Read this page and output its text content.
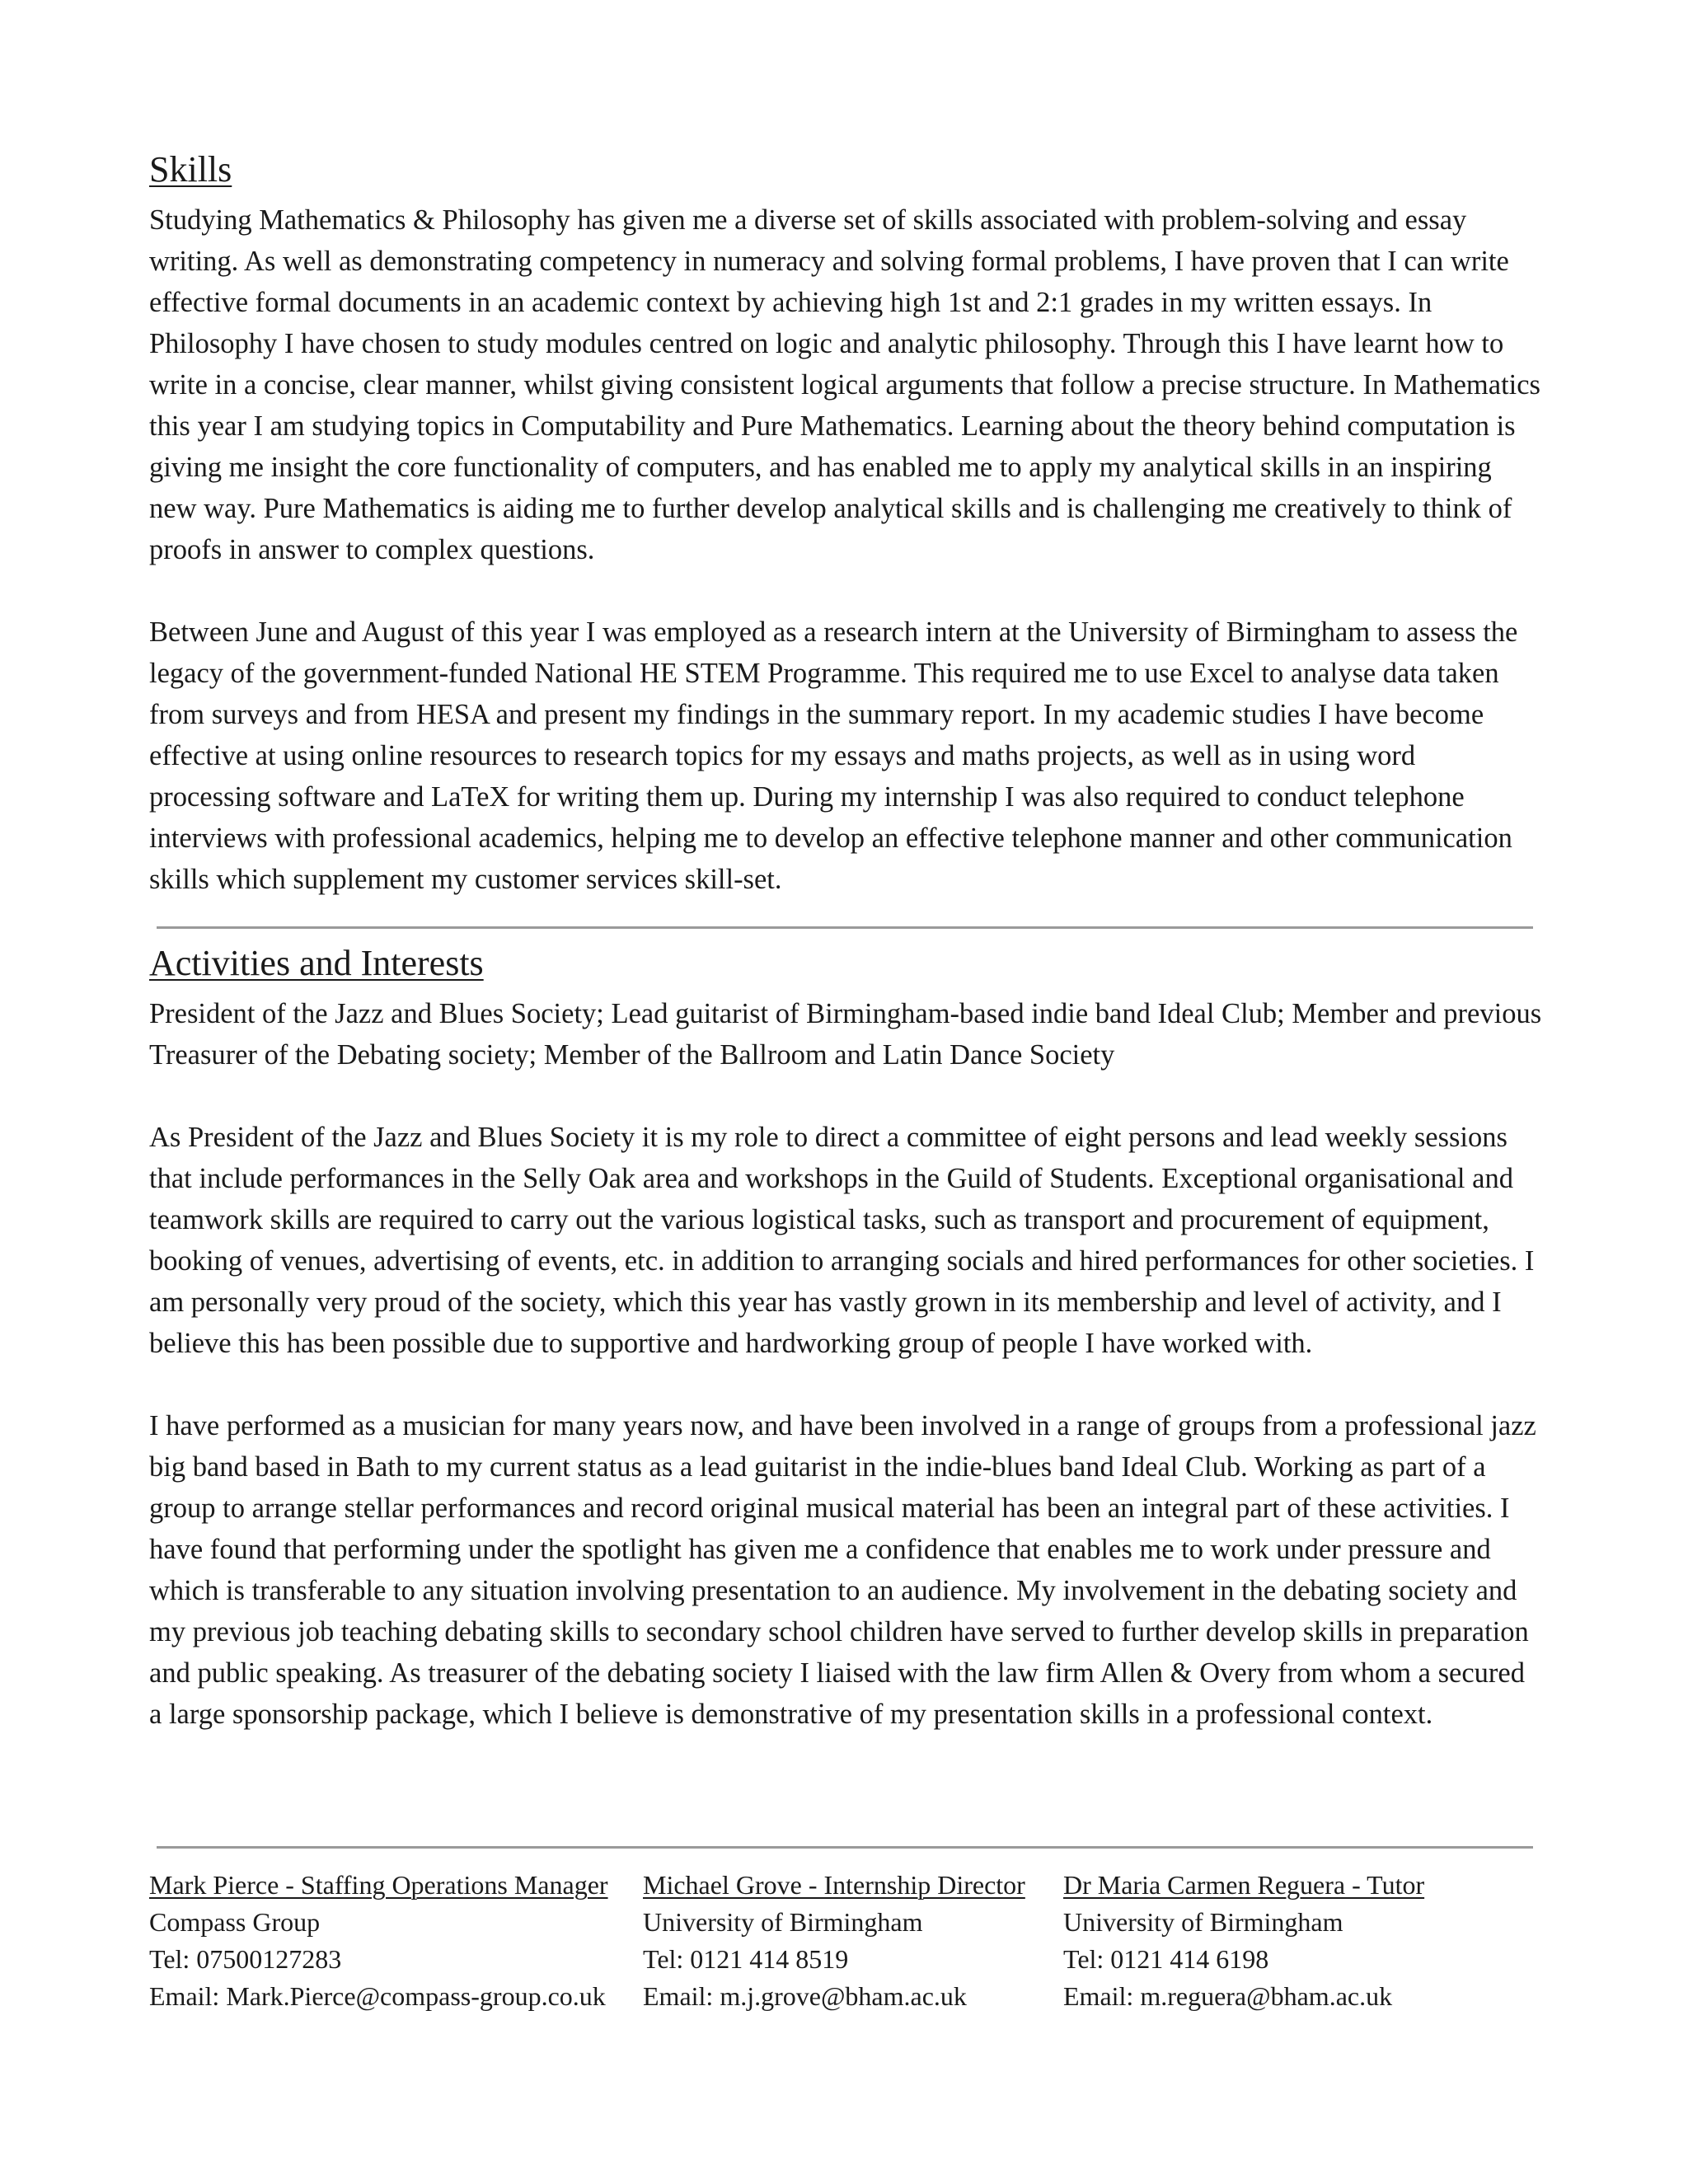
Skills

Studying Mathematics & Philosophy has given me a diverse set of skills associated with problem-solving and essay writing. As well as demonstrating competency in numeracy and solving formal problems, I have proven that I can write effective formal documents in an academic context by achieving high 1st and 2:1 grades in my written essays. In Philosophy I have chosen to study modules centred on logic and analytic philosophy. Through this I have learnt how to write in a concise, clear manner, whilst giving consistent logical arguments that follow a precise structure. In Mathematics this year I am studying topics in Computability and Pure Mathematics. Learning about the theory behind computation is giving me insight the core functionality of computers, and has enabled me to apply my analytical skills in an inspiring new way. Pure Mathematics is aiding me to further develop analytical skills and is challenging me creatively to think of proofs in answer to complex questions.

Between June and August of this year I was employed as a research intern at the University of Birmingham to assess the legacy of the government-funded National HE STEM Programme. This required me to use Excel to analyse data taken from surveys and from HESA and present my findings in the summary report. In my academic studies I have become effective at using online resources to research topics for my essays and maths projects, as well as in using word processing software and LaTeX for writing them up. During my internship I was also required to conduct telephone interviews with professional academics, helping me to develop an effective telephone manner and other communication skills which supplement my customer services skill-set.

Activities and Interests

President of the Jazz and Blues Society; Lead guitarist of Birmingham-based indie band Ideal Club; Member and previous Treasurer of the Debating society; Member of the Ballroom and Latin Dance Society

As President of the Jazz and Blues Society it is my role to direct a committee of eight persons and lead weekly sessions that include performances in the Selly Oak area and workshops in the Guild of Students. Exceptional organisational and teamwork skills are required to carry out the various logistical tasks, such as transport and procurement of equipment, booking of venues, advertising of events, etc. in addition to arranging socials and hired performances for other societies. I am personally very proud of the society, which this year has vastly grown in its membership and level of activity, and I believe this has been possible due to supportive and hardworking group of people I have worked with.

I have performed as a musician for many years now, and have been involved in a range of groups from a professional jazz big band based in Bath to my current status as a lead guitarist in the indie-blues band Ideal Club. Working as part of a group to arrange stellar performances and record original musical material has been an integral part of these activities. I have found that performing under the spotlight has given me a confidence that enables me to work under pressure and which is transferable to any situation involving presentation to an audience. My involvement in the debating society and my previous job teaching debating skills to secondary school children have served to further develop skills in preparation and public speaking. As treasurer of the debating society I liaised with the law firm Allen & Overy from whom a secured a large sponsorship package, which I believe is demonstrative of my presentation skills in a professional context.

Mark Pierce - Staffing Operations Manager
Compass Group
Tel: 07500127283
Email: Mark.Pierce@compass-group.co.uk
Michael Grove - Internship Director
University of Birmingham
Tel: 0121 414 8519
Email: m.j.grove@bham.ac.uk
Dr Maria Carmen Reguera - Tutor
University of Birmingham
Tel: 0121 414 6198
Email: m.reguera@bham.ac.uk
